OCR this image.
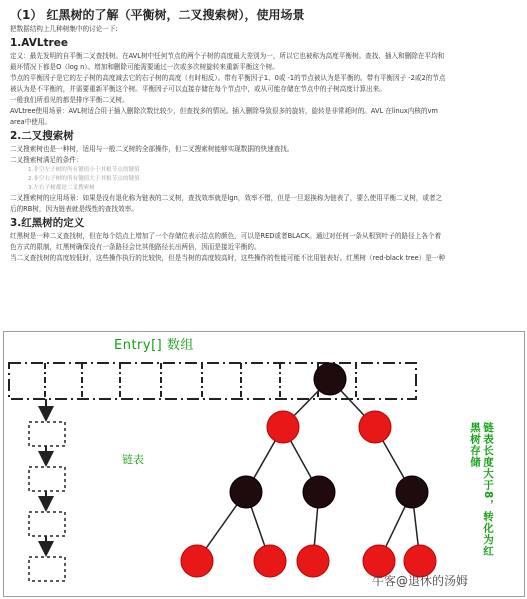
（1） 红黑树的了解（平衡树，二叉搜索树），使用场景

把数据结构上几种树集中的讨论一下:

1.AVLtree

定义：最先发明的自平衡二叉查找树。在AVL树中任何节点的两个子树的高度最大差别为一，所以它也被称为高度平衡树。查找、插入和删除在平均和

最坏情况下都是O（log n）。增加和删除可能需要通过一次或多次树旋转来重新平衡这个树。

节点的平衡因子是它的左子树的高度减去它的右子树的高度（有时相反）。带有平衡因子1、0或 -1的节点被认为是平衡的。带有平衡因子 -2或2的节点

被认为是不平衡的，并需要重新平衡这个树。平衡因子可以直接存储在每个节点中，或从可能存储在节点中的子树高度计算出来。

一般我们所看见的都是排序平衡二叉树。

AVLtree使用场景：AVL树适合用于插入删除次数比较少，但查找多的情况。插入删除导致很多的旋转，旋转是非常耗时的。AVL 在linux内核的vm

area中使用。

2.二叉搜索树

二叉搜索树也是一种树，适用与一般二叉树的全部操作，但二叉搜索树能够实现数据的快速查找。

二叉搜索树满足的条件：

1.非空左子树的所有键值小于其根节点的键值

2.非空右子树的所有键值大于其根节点的键值

3.左右子树都是二叉搜索树

二叉搜索树的应用场景：如果是没有退化称为链表的二叉树，查找效率就是lgn，效率不错，但是一旦退换称为链表了，要么使用平衡二叉树，或者之

后的RB树，因为链表就是线性的查找效率。

3.红黑树的定义

红黑树是一种二叉查找树，但在每个结点上增加了一个存储位表示结点的颜色，可以是RED或者BLACK。通过对任何一条从根到叶子的路径上各个着

色方式的限制，红黑树确保没有一条路径会比其他路径长出两倍，因而是接近平衡的。

当二叉查找树的高度较低时，这些操作执行的比较快，但是当树的高度较高时，这些操作的性能可能不比用链表好。红黑树（red-black tree）是一种

Entry[] 数组
链表	链表长度大于8，转化为红黑树存储
牛客@退休的汤姆
